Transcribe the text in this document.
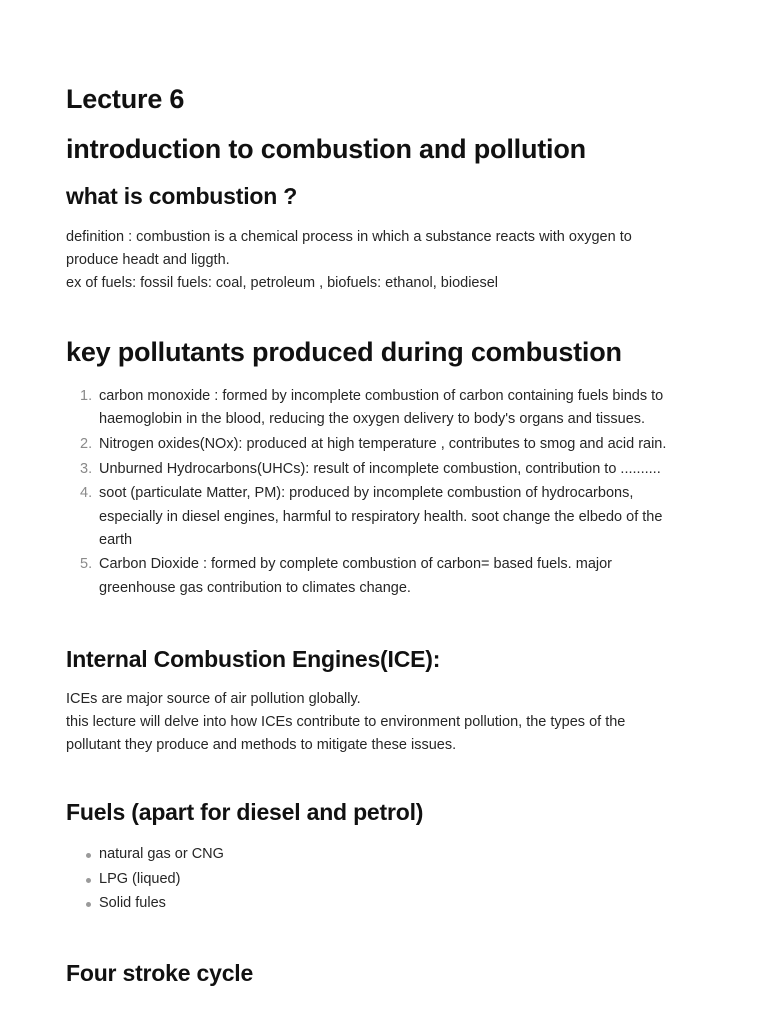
Lecture 6
introduction to combustion and pollution
what is combustion ?
definition : combustion is a chemical process in which a substance reacts with oxygen to
produce headt and liggth.
ex of fuels: fossil fuels: coal, petroleum , biofuels: ethanol, biodiesel
key pollutants produced during combustion
1. carbon monoxide : formed by incomplete combustion of carbon containing fuels binds to
haemoglobin in the blood, reducing the oxygen delivery to body's organs and tissues.
2. Nitrogen oxides(NOx): produced at high temperature , contributes to smog and acid rain.
3. Unburned Hydrocarbons(UHCs): result of incomplete combustion, contribution to ..........
4. soot (particulate Matter, PM): produced by incomplete combustion of hydrocarbons,
especially in diesel engines, harmful to respiratory health. soot change the elbedo of the
earth
5. Carbon Dioxide : formed by complete combustion of carbon= based fuels. major
greenhouse gas contribution to climates change.
Internal Combustion Engines(ICE):
ICEs are major source of air pollution globally.
this lecture will delve into how ICEs contribute to environment pollution, the types of the
pollutant they produce and methods to mitigate these issues.
Fuels (apart for diesel and petrol)
natural gas or CNG
LPG (liqued)
Solid fules
Four stroke cycle
